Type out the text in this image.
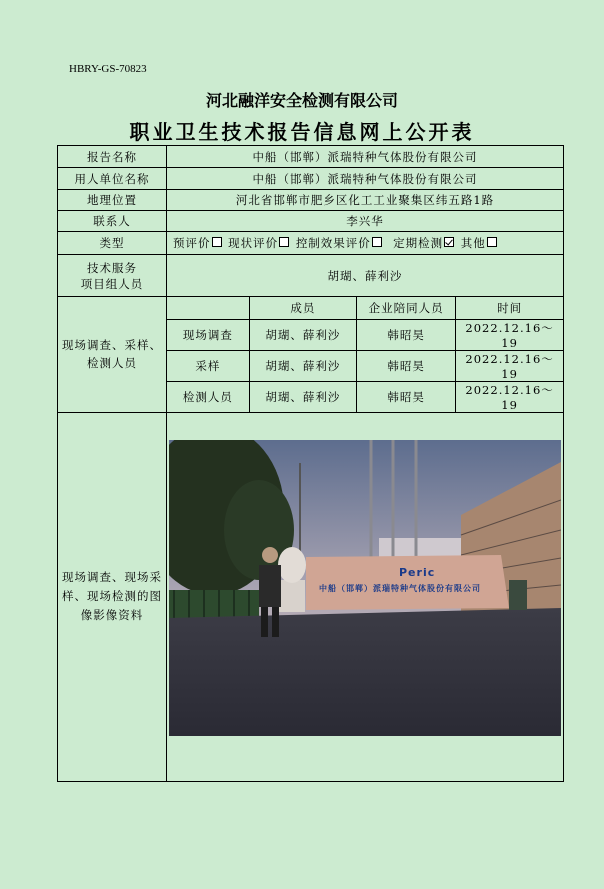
HBRY-GS-70823
河北融洋安全检测有限公司
职业卫生技术报告信息网上公开表
报告名称	中船（邯郸）派瑞特种气体股份有限公司
用人单位名称	中船（邯郸）派瑞特种气体股份有限公司
地理位置	河北省邯郸市肥乡区化工工业聚集区纬五路1路
联系人	李兴华
类型	预评价 现状评价 控制效果评价 定期检测 其他

技术服务
项目组人员
	胡瑚、薛利沙
现场调查、采样、检测人员	
	成员	企业陪同人员	时间
现场调查	胡瑚、薛利沙	韩昭昊	2022.12.16～19
采样	胡瑚、薛利沙	韩昭昊	2022.12.16～19
检测人员	胡瑚、薛利沙	韩昭昊	2022.12.16～19

现场调查、现场采样、现场检测的图像影像资料	
中船（邯郸）派瑞特种气体股份有限公司
Peric
